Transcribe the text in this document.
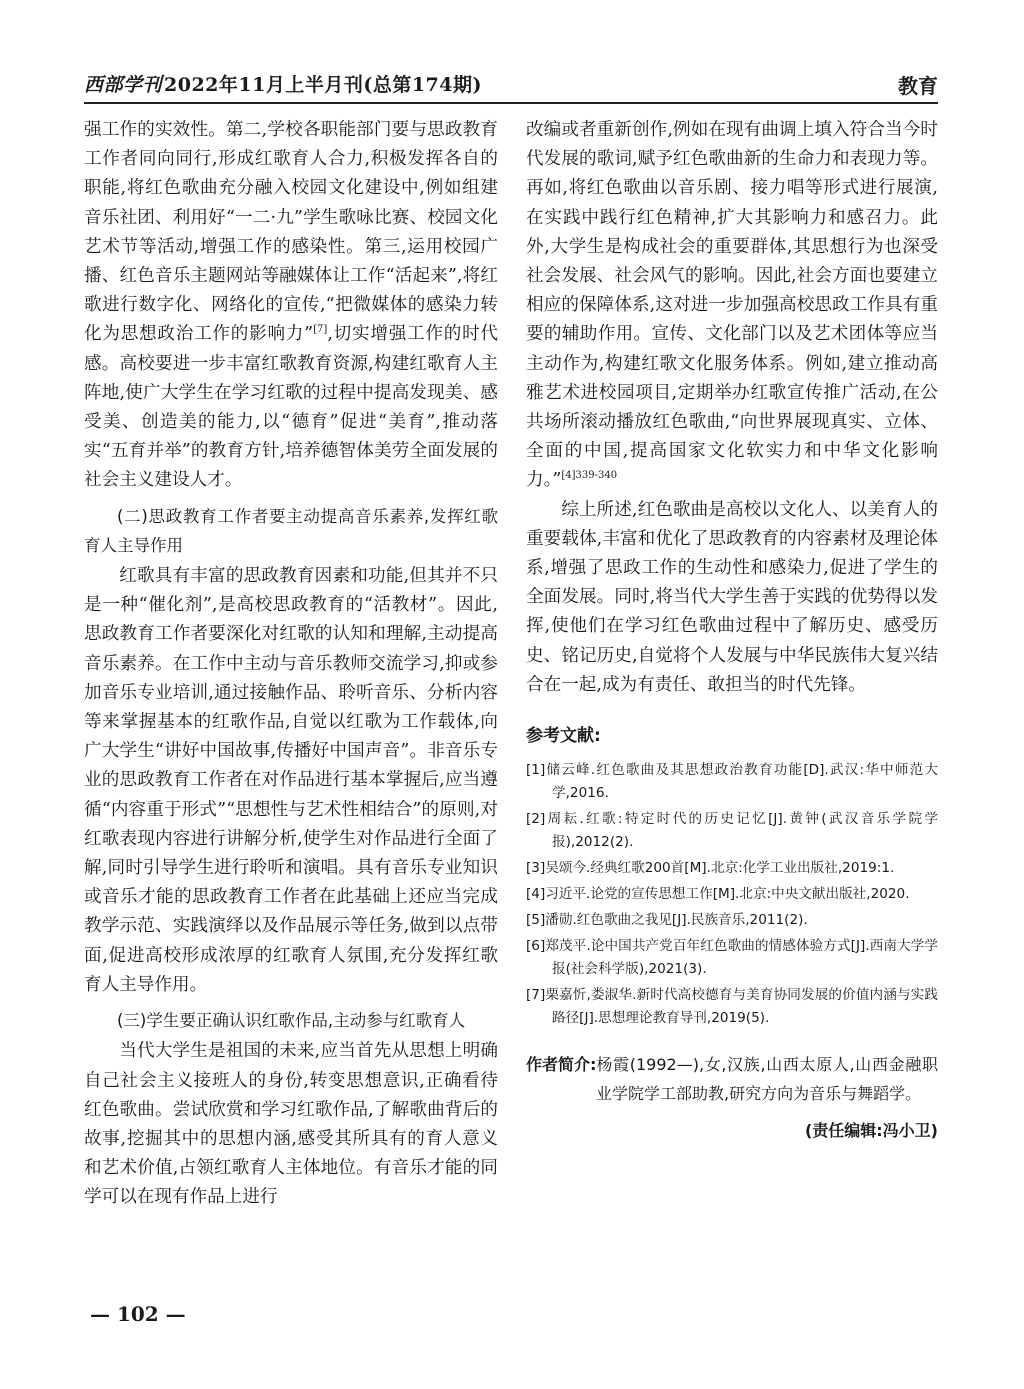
西部学刊 2022年11月上半月刊(总第174期)	教育

强工作的实效性。第二,学校各职能部门要与思政教育工作者同向同行,形成红歌育人合力,积极发挥各自的职能,将红色歌曲充分融入校园文化建设中,例如组建音乐社团、利用好“一二·九”学生歌咏比赛、校园文化艺术节等活动,增强工作的感染性。第三,运用校园广播、红色音乐主题网站等融媒体让工作“活起来”,将红歌进行数字化、网络化的宣传,“把微媒体的感染力转化为思想政治工作的影响力”[7],切实增强工作的时代感。高校要进一步丰富红歌教育资源,构建红歌育人主阵地,使广大学生在学习红歌的过程中提高发现美、感受美、创造美的能力,以“德育”促进“美育”,推动落实“五育并举”的教育方针,培养德智体美劳全面发展的社会主义建设人才。

(二)思政教育工作者要主动提高音乐素养,发挥红歌育人主导作用

红歌具有丰富的思政教育因素和功能,但其并不只是一种“催化剂”,是高校思政教育的“活教材”。因此,思政教育工作者要深化对红歌的认知和理解,主动提高音乐素养。在工作中主动与音乐教师交流学习,抑或参加音乐专业培训,通过接触作品、聆听音乐、分析内容等来掌握基本的红歌作品,自觉以红歌为工作载体,向广大学生“讲好中国故事,传播好中国声音”。非音乐专业的思政教育工作者在对作品进行基本掌握后,应当遵循“内容重于形式”“思想性与艺术性相结合”的原则,对红歌表现内容进行讲解分析,使学生对作品进行全面了解,同时引导学生进行聆听和演唱。具有音乐专业知识或音乐才能的思政教育工作者在此基础上还应当完成教学示范、实践演绎以及作品展示等任务,做到以点带面,促进高校形成浓厚的红歌育人氛围,充分发挥红歌育人主导作用。

(三)学生要正确认识红歌作品,主动参与红歌育人

当代大学生是祖国的未来,应当首先从思想上明确自己社会主义接班人的身份,转变思想意识,正确看待红色歌曲。尝试欣赏和学习红歌作品,了解歌曲背后的故事,挖掘其中的思想内涵,感受其所具有的育人意义和艺术价值,占领红歌育人主体地位。有音乐才能的同学可以在现有作品上进行

改编或者重新创作,例如在现有曲调上填入符合当今时代发展的歌词,赋予红色歌曲新的生命力和表现力等。再如,将红色歌曲以音乐剧、接力唱等形式进行展演,在实践中践行红色精神,扩大其影响力和感召力。此外,大学生是构成社会的重要群体,其思想行为也深受社会发展、社会风气的影响。因此,社会方面也要建立相应的保障体系,这对进一步加强高校思政工作具有重要的辅助作用。宣传、文化部门以及艺术团体等应当主动作为,构建红歌文化服务体系。例如,建立推动高雅艺术进校园项目,定期举办红歌宣传推广活动,在公共场所滚动播放红色歌曲,“向世界展现真实、立体、全面的中国,提高国家文化软实力和中华文化影响力。”$^{[4]339-340}$

综上所述,红色歌曲是高校以文化人、以美育人的重要载体,丰富和优化了思政教育的内容素材及理论体系,增强了思政工作的生动性和感染力,促进了学生的全面发展。同时,将当代大学生善于实践的优势得以发挥,使他们在学习红色歌曲过程中了解历史、感受历史、铭记历史,自觉将个人发展与中华民族伟大复兴结合在一起,成为有责任、敢担当的时代先锋。

参考文献:

[1]储云峰.红色歌曲及其思想政治教育功能[D].武汉:华中师范大学,2016.

[2]周耘.红歌:特定时代的历史记忆[J].黄钟(武汉音乐学院学报),2012(2).

[3]吴颂今.经典红歌200首[M].北京:化学工业出版社,2019:1.

[4]习近平.论党的宣传思想工作[M].北京:中央文献出版社,2020.

[5]潘勋.红色歌曲之我见[J].民族音乐,2011(2).

[6]郑茂平.论中国共产党百年红色歌曲的情感体验方式[J].西南大学学报(社会科学版),2021(3).

[7]栗嘉忻,娄淑华.新时代高校德育与美育协同发展的价值内涵与实践路径[J].思想理论教育导刊,2019(5).

作者简介: 杨霞(1992—),女,汉族,山西太原人,山西金融职业学院学工部助教,研究方向为音乐与舞蹈学。

(责任编辑:冯小卫)

— 102 —
